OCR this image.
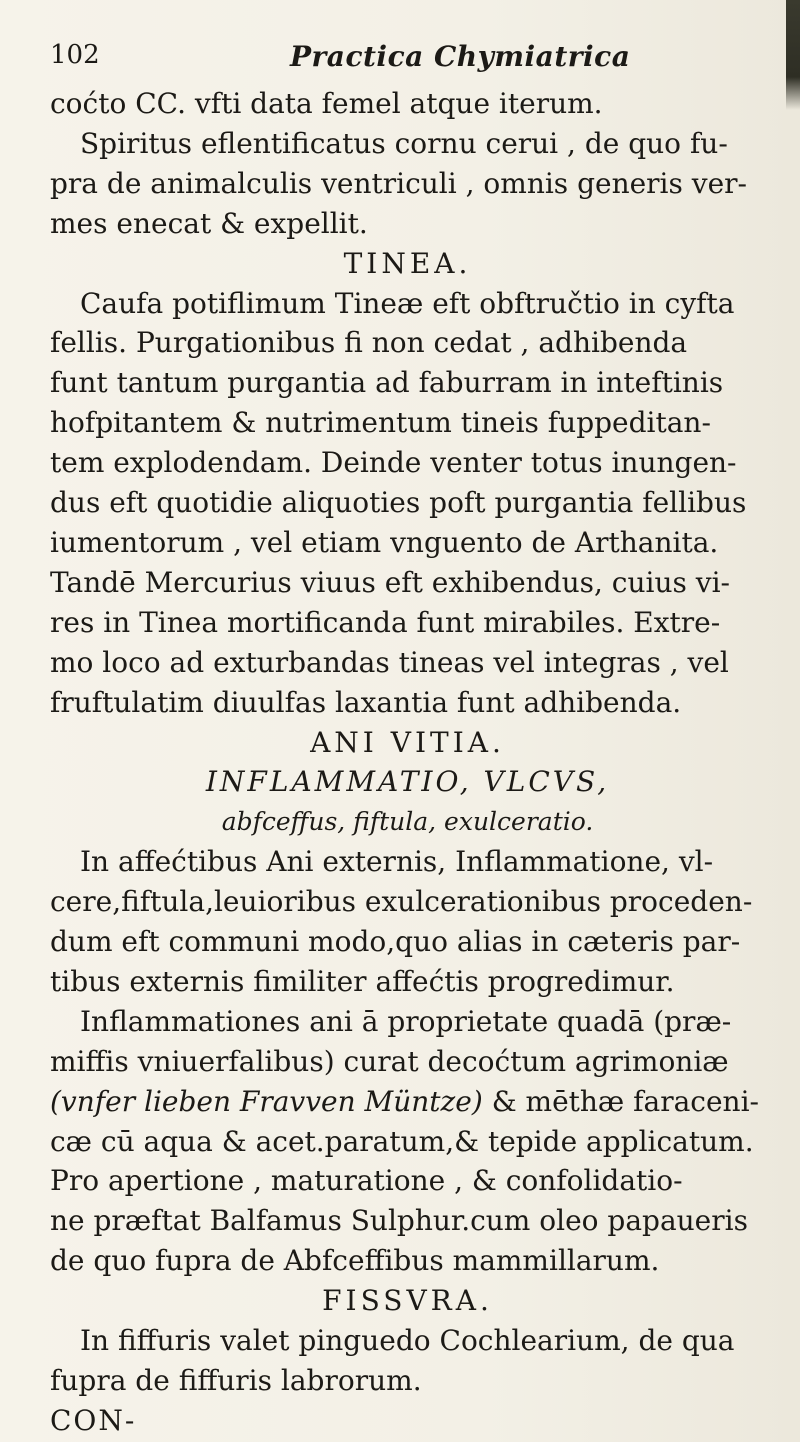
102	Practica Chymiatrica

coćto CC. vfti data femel atque iterum.
Spiritus eflentificatus cornu cerui , de quo fu-
pra de animalculis ventriculi , omnis generis ver-
mes enecat & expellit.

TINEA.

Caufa potiflimum Tineæ eft obftručtio in cyfta
fellis. Purgationibus fi non cedat , adhibenda
funt tantum purgantia ad faburram in inteftinis
hofpitantem & nutrimentum tineis fuppeditan-
tem explodendam. Deinde venter totus inungen-
dus eft quotidie aliquoties poft purgantia fellibus
iumentorum , vel etiam vnguento de Arthanita.
Tandē Mercurius viuus eft exhibendus, cuius vi-
res in Tinea mortificanda funt mirabiles. Extre-
mo loco ad exturbandas tineas vel integras , vel
fruftulatim diuulfas laxantia funt adhibenda.

ANI VITIA.

INFLAMMATIO, VLCVS,

abfceffus, fiftula, exulceratio.

In affećtibus Ani externis, Inflammatione, vl-
cere,fiftula,leuioribus exulcerationibus proceden-
dum eft communi modo,quo alias in cæteris par-
tibus externis fimiliter affećtis progredimur.

Inflammationes ani ā proprietate quadā (præ-
miffis vniuerfalibus) curat decoćtum agrimoniæ
(vnfer lieben Fravven Müntze) & mēthæ faraceni-
cæ cū aqua & acet.paratum,& tepide applicatum.
Pro apertione , maturatione , & confolidatio-
ne præftat Balfamus Sulphur.cum oleo papaueris
de quo fupra de Abfceffibus mammillarum.

FISSVRA.

In fiffuris valet pinguedo Cochlearium, de qua
fupra de fiffuris labrorum.

CON-
